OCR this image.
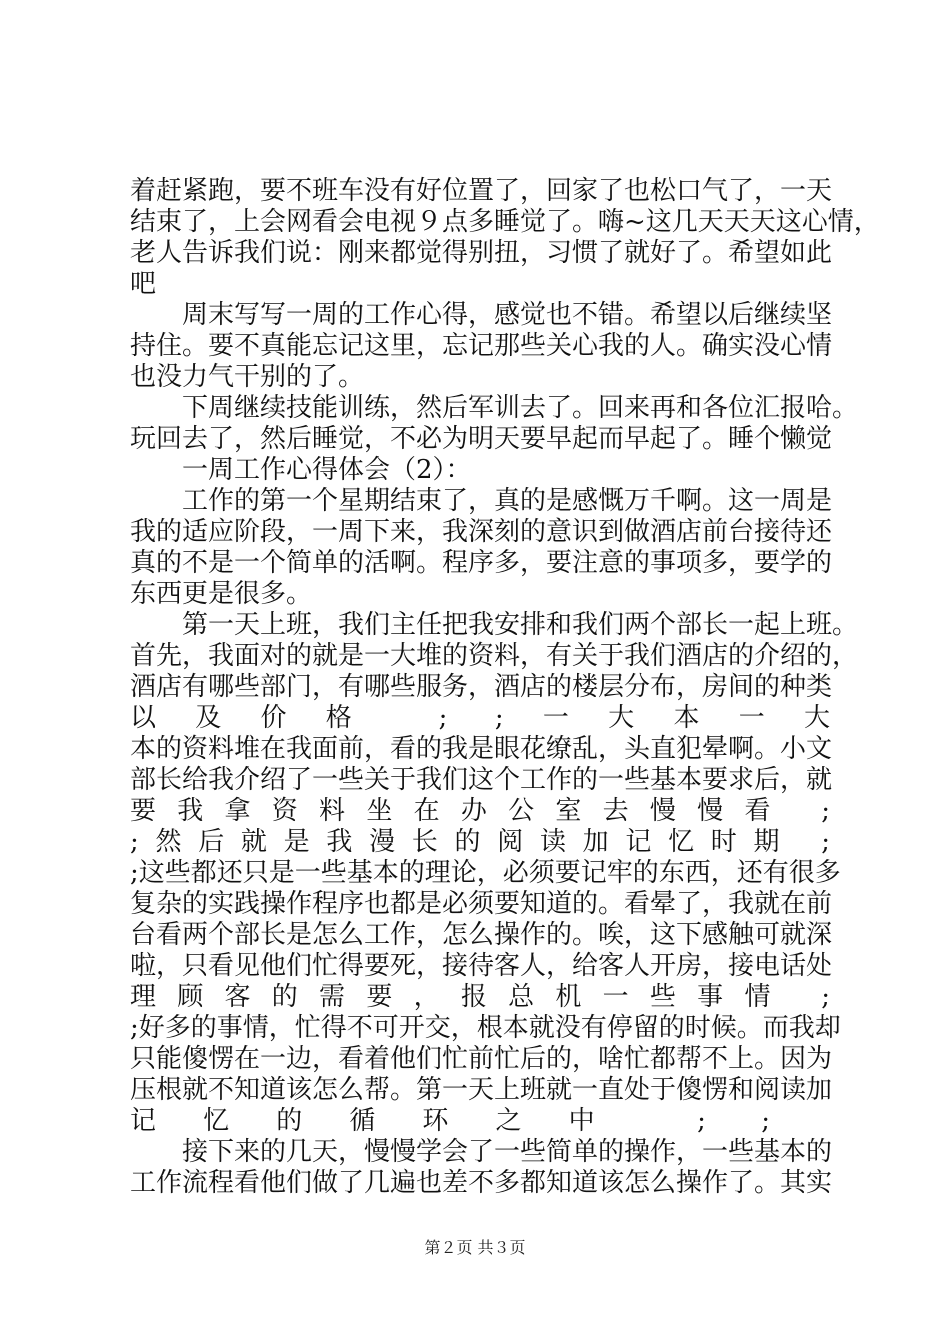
着赶紧跑，要不班车没有好位置了，回家了也松口气了，一天
结束了，上会网看会电视９点多睡觉了。嗨~这几天天天这心情，
老人告诉我们说：刚来都觉得别扭，习惯了就好了。希望如此
吧
周末写写一周的工作心得，感觉也不错。希望以后继续坚
持住。要不真能忘记这里，忘记那些关心我的人。确实没心情
也没力气干别的了。
下周继续技能训练，然后军训去了。回来再和各位汇报哈。
玩回去了，然后睡觉，不必为明天要早起而早起了。睡个懒觉
一周工作心得体会（2）：
工作的第一个星期结束了，真的是感慨万千啊。这一周是
我的适应阶段，一周下来，我深刻的意识到做酒店前台接待还
真的不是一个简单的活啊。程序多，要注意的事项多，要学的
东西更是很多。
第一天上班，我们主任把我安排和我们两个部长一起上班。
首先，我面对的就是一大堆的资料，有关于我们酒店的介绍的，
酒店有哪些部门，有哪些服务，酒店的楼层分布，房间的种类
以及价格 ; ;一大本一大
本的资料堆在我面前，看的我是眼花缭乱，头直犯晕啊。小文
部长给我介绍了一些关于我们这个工作的一些基本要求后，就
要我拿资料坐在办公室去慢慢看 ;
;然后就是我漫长的阅读加记忆时期 ;
;这些都还只是一些基本的理论，必须要记牢的东西，还有很多
复杂的实践操作程序也都是必须要知道的。看晕了，我就在前
台看两个部长是怎么工作，怎么操作的。唉，这下感触可就深
啦，只看见他们忙得要死，接待客人，给客人开房，接电话处
理顾客的需要，报总机一些事情 ;
;好多的事情，忙得不可开交，根本就没有停留的时候。而我却
只能傻愣在一边，看着他们忙前忙后的，啥忙都帮不上。因为
压根就不知道该怎么帮。第一天上班就一直处于傻愣和阅读加
记忆的循环之中 ; ;
接下来的几天，慢慢学会了一些简单的操作，一些基本的
工作流程看他们做了几遍也差不多都知道该怎么操作了。其实
第２页 共３页
